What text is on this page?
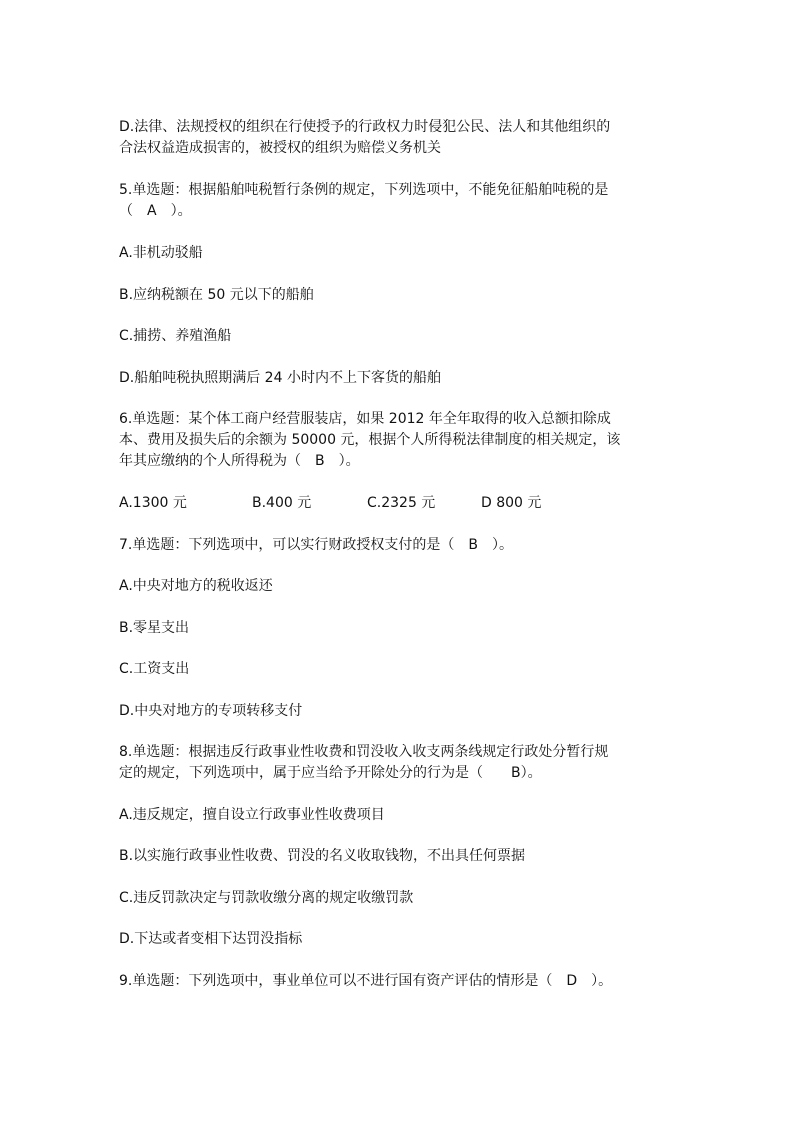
D.法律、法规授权的组织在行使授予的行政权力时侵犯公民、法人和其他组织的
合法权益造成损害的，被授权的组织为赔偿义务机关
5.单选题：根据船舶吨税暂行条例的规定，下列选项中，不能免征船舶吨税的是
（　A　）。
A.非机动驳船
B.应纳税额在 50 元以下的船舶
C.捕捞、养殖渔船
D.船舶吨税执照期满后 24 小时内不上下客货的船舶
6.单选题：某个体工商户经营服装店，如果 2012 年全年取得的收入总额扣除成
本、费用及损失后的余额为 50000 元，根据个人所得税法律制度的相关规定，该
年其应缴纳的个人所得税为（　B　）。
A.1300 元	B.400 元	C.2325 元	D 800 元
7.单选题：下列选项中，可以实行财政授权支付的是（　B　）。
A.中央对地方的税收返还
B.零星支出
C.工资支出
D.中央对地方的专项转移支付
8.单选题：根据违反行政事业性收费和罚没收入收支两条线规定行政处分暂行规
定的规定，下列选项中，属于应当给予开除处分的行为是（　　B）。
A.违反规定，擅自设立行政事业性收费项目
B.以实施行政事业性收费、罚没的名义收取钱物，不出具任何票据
C.违反罚款决定与罚款收缴分离的规定收缴罚款
D.下达或者变相下达罚没指标
9.单选题：下列选项中，事业单位可以不进行国有资产评估的情形是（　D　）。
